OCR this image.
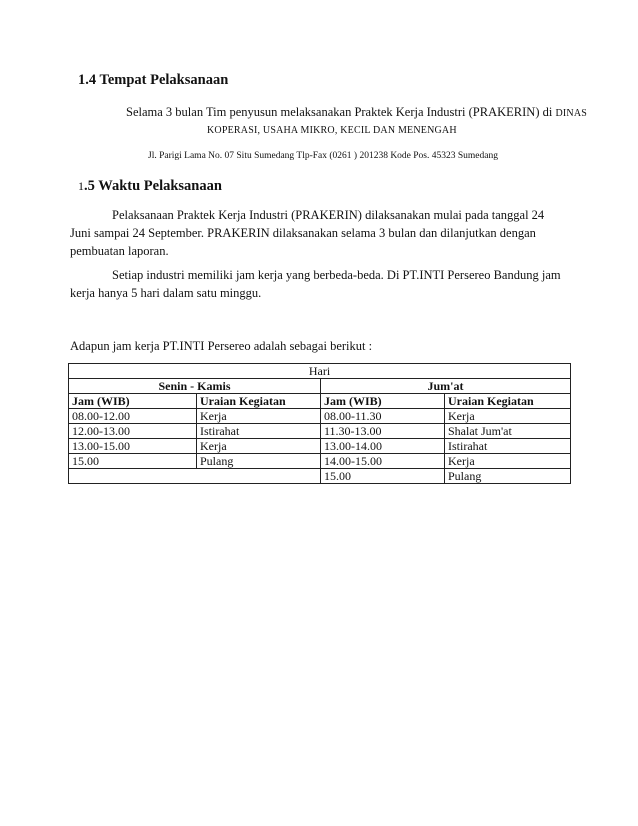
1.4 Tempat Pelaksanaan
Selama 3 bulan Tim penyusun melaksanakan Praktek Kerja Industri (PRAKERIN) di DINAS
KOPERASI, USAHA MIKRO, KECIL DAN MENENGAH
Jl. Parigi Lama No. 07 Situ Sumedang Tlp-Fax (0261 ) 201238 Kode Pos. 45323 Sumedang
1.5 Waktu Pelaksanaan
Pelaksanaan Praktek Kerja Industri (PRAKERIN) dilaksanakan mulai pada tanggal 24
Juni sampai 24 September. PRAKERIN dilaksanakan selama 3 bulan dan dilanjutkan dengan
pembuatan laporan.
Setiap industri memiliki jam kerja yang berbeda-beda. Di PT.INTI Persereo Bandung jam
kerja hanya 5 hari dalam satu minggu.
Adapun jam kerja PT.INTI Persereo adalah sebagai berikut :
Hari			
Senin - Kamis		Jum'at	
Jam (WIB)	Uraian Kegiatan	Jam (WIB)	Uraian Kegiatan
08.00-12.00	Kerja	08.00-11.30	Kerja
12.00-13.00	Istirahat	11.30-13.00	Shalat Jum'at
13.00-15.00	Kerja	13.00-14.00	Istirahat
15.00	Pulang	14.00-15.00	Kerja
		15.00	Pulang
